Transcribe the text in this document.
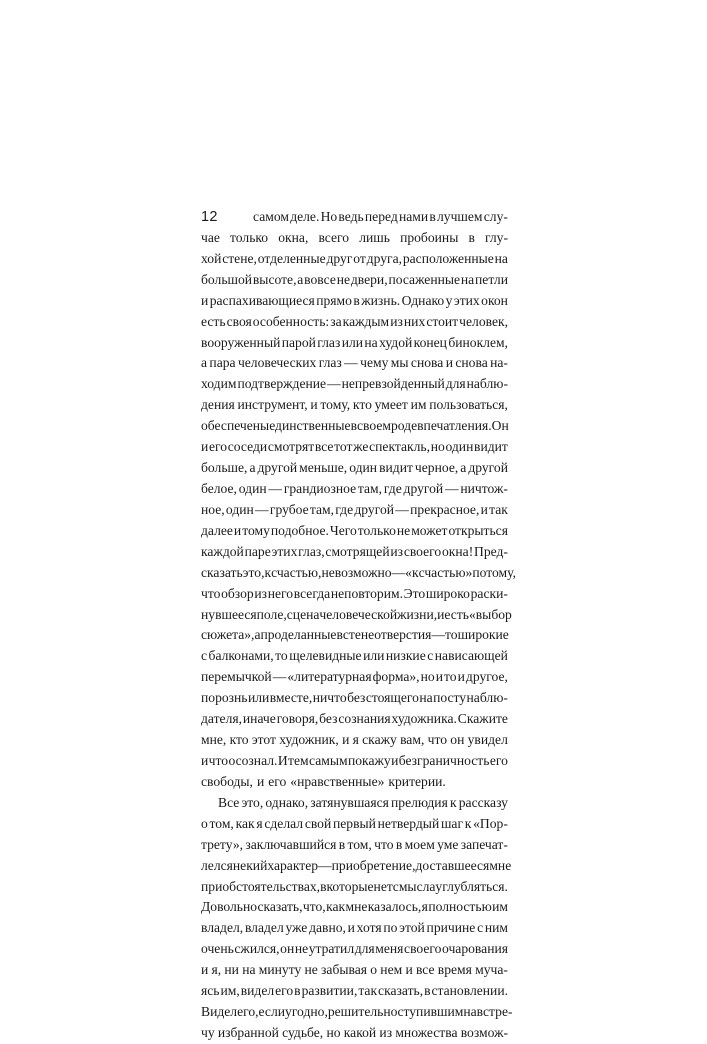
12	самом деле. Но ведь перед нами в лучшем слу-
чае только окна, всего лишь пробоины в глу-
хой стене, отделенные друг от друга, расположенные на
большой высоте, а вовсе не двери, посаженные на петли
и распахивающиеся прямо в жизнь. Однако у этих окон
есть своя особенность: за каждым из них стоит человек,
вооруженный парой глаз или на худой конец биноклем,
а пара человеческих глаз — чему мы снова и снова на-
ходим подтверждение — непревзойденный для наблю-
дения инструмент, и тому, кто умеет им пользоваться,
обеспечены единственные в своем роде впечатления. Он
и его соседи смотрят все тот же спектакль, но один видит
больше, а другой меньше, один видит черное, а другой
белое, один — грандиозное там, где другой — ничтож-
ное, один — грубое там, где другой — прекрасное, и так
далее и тому подобное. Чего только не может открыться
каждой паре этих глаз, смотрящей из своего окна! Пред-
сказать это, к счастью, невозможно — «к счастью» потому,
что обзор из него всегда неповторим. Это широко раски-
нувшееся поле, сцена человеческой жизни, и есть «выбор
сюжета», а проделанные в стене отверстия — то широкие
с балконами, то щелевидные или низкие с нависающей
перемычкой — «литературная форма», но и то и другое,
порознь или вместе, ничто без стоящего на посту наблю-
дателя, иначе говоря, без сознания художника. Скажите
мне, кто этот художник, и я скажу вам, что он увидел
и что осознал. И тем самым покажу и безграничность его
свободы, и его «нравственные» критерии.
Все это, однако, затянувшаяся прелюдия к рассказу
о том, как я сделал свой первый нетвердый шаг к «Пор-
трету», заключавшийся в том, что в моем уме запечат-
лелся некий характер — приобретение, доставшееся мне
при обстоятельствах, в которые нет смысла углубляться.
Довольно сказать, что, как мне казалось, я полностью им
владел, владел уже давно, и хотя по этой причине с ним
очень сжился, он не утратил для меня своего очарования
и я, ни на минуту не забывая о нем и все время муча-
ясь им, видел его в развитии, так сказать, в становлении.
Видел его, если угодно, решительно ступившим навстре-
чу избранной судьбе, но какой из множества возмож-
